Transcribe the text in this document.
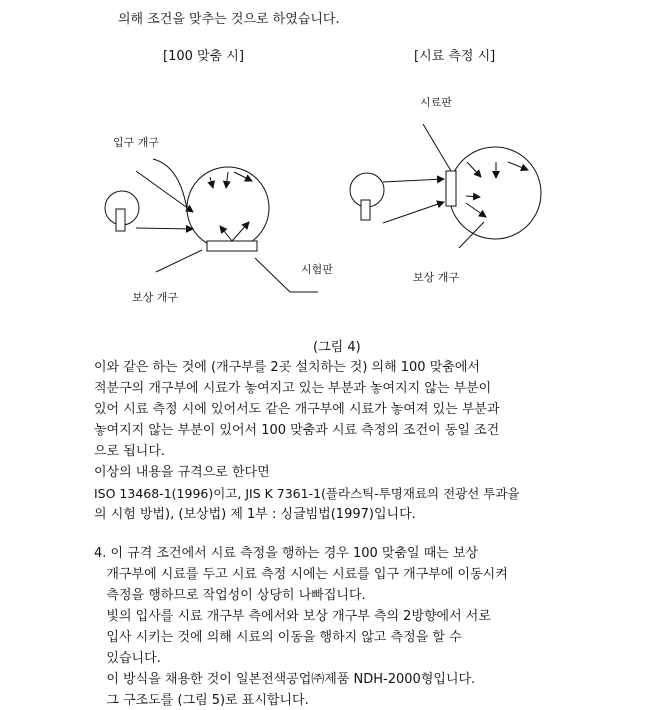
의해 조건을 맞추는 것으로 하였습니다.
[100 맞춤 시]	[시료 측정 시]
입구 개구
보상 개구
시험판
시료판
보상 개구
(그림 4)
이와 같은 하는 것에 (개구부를 2곳 설치하는 것) 의해 100 맞춤에서
적분구의 개구부에 시료가 놓여지고 있는 부분과 놓여지지 않는 부분이
있어 시료 측정 시에 있어서도 같은 개구부에 시료가 놓여져 있는 부분과
놓여지지 않는 부분이 있어서 100 맞춤과 시료 측정의 조건이 동일 조건
으로 됩니다.
이상의 내용을 규격으로 한다면
ISO 13468-1(1996)이고, JIS K 7361-1(플라스틱-투명재료의 전광선 투과율
의 시험 방법), (보상법) 제 1부 : 싱글빔법(1997)입니다.
4. 이 규격 조건에서 시료 측정을 행하는 경우 100 맞춤일 때는 보상
개구부에 시료를 두고 시료 측정 시에는 시료를 입구 개구부에 이동시켜
측정을 행하므로 작업성이 상당히 나빠집니다.
빛의 입사를 시료 개구부 측에서와 보상 개구부 측의 2방향에서 서로
입사 시키는 것에 의해 시료의 이동을 행하지 않고 측정을 할 수
있습니다.
이 방식을 채용한 것이 일본전색공업㈜제품 NDH-2000형입니다.
그 구조도를 (그림 5)로 표시합니다.
